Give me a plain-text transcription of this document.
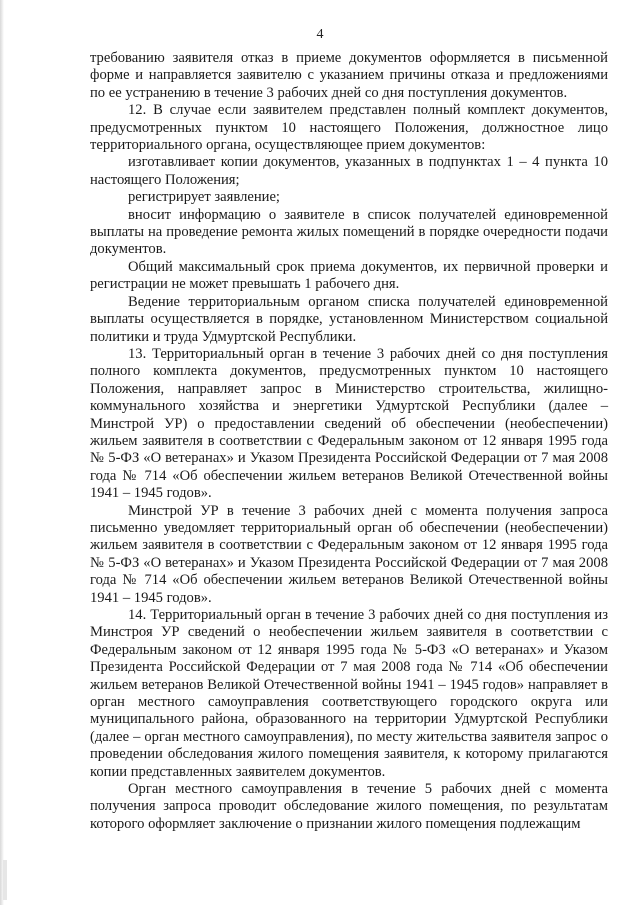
4

требованию заявителя отказ в приеме документов оформляется в письменной форме и направляется заявителю с указанием причины отказа и предложениями по ее устранению в течение 3 рабочих дней со дня поступления документов.

12. В случае если заявителем представлен полный комплект документов, предусмотренных пунктом 10 настоящего Положения, должностное лицо территориального органа, осуществляющее прием документов:

изготавливает копии документов, указанных в подпунктах 1 – 4 пункта 10 настоящего Положения;

регистрирует заявление;

вносит информацию о заявителе в список получателей единовременной выплаты на проведение ремонта жилых помещений в порядке очередности подачи документов.

Общий максимальный срок приема документов, их первичной проверки и регистрации не может превышать 1 рабочего дня.

Ведение территориальным органом списка получателей единовременной выплаты осуществляется в порядке, установленном Министерством социальной политики и труда Удмуртской Республики.

13. Территориальный орган в течение 3 рабочих дней со дня поступления полного комплекта документов, предусмотренных пунктом 10 настоящего Положения, направляет запрос в Министерство строительства, жилищно-коммунального хозяйства и энергетики Удмуртской Республики (далее – Минстрой УР) о предоставлении сведений об обеспечении (необеспечении) жильем заявителя в соответствии с Федеральным законом от 12 января 1995 года № 5-ФЗ «О ветеранах» и Указом Президента Российской Федерации от 7 мая 2008 года № 714 «Об обеспечении жильем ветеранов Великой Отечественной войны 1941 – 1945 годов».

Минстрой УР в течение 3 рабочих дней с момента получения запроса письменно уведомляет территориальный орган об обеспечении (необеспечении) жильем заявителя в соответствии с Федеральным законом от 12 января 1995 года № 5-ФЗ «О ветеранах» и Указом Президента Российской Федерации от 7 мая 2008 года № 714 «Об обеспечении жильем ветеранов Великой Отечественной войны 1941 – 1945 годов».

14. Территориальный орган в течение 3 рабочих дней со дня поступления из Минстроя УР сведений о необеспечении жильем заявителя в соответствии с Федеральным законом от 12 января 1995 года № 5-ФЗ «О ветеранах» и Указом Президента Российской Федерации от 7 мая 2008 года № 714 «Об обеспечении жильем ветеранов Великой Отечественной войны 1941 – 1945 годов» направляет в орган местного самоуправления соответствующего городского округа или муниципального района, образованного на территории Удмуртской Республики (далее – орган местного самоуправления), по месту жительства заявителя запрос о проведении обследования жилого помещения заявителя, к которому прилагаются копии представленных заявителем документов.

Орган местного самоуправления в течение 5 рабочих дней с момента получения запроса проводит обследование жилого помещения, по результатам которого оформляет заключение о признании жилого помещения подлежащим
